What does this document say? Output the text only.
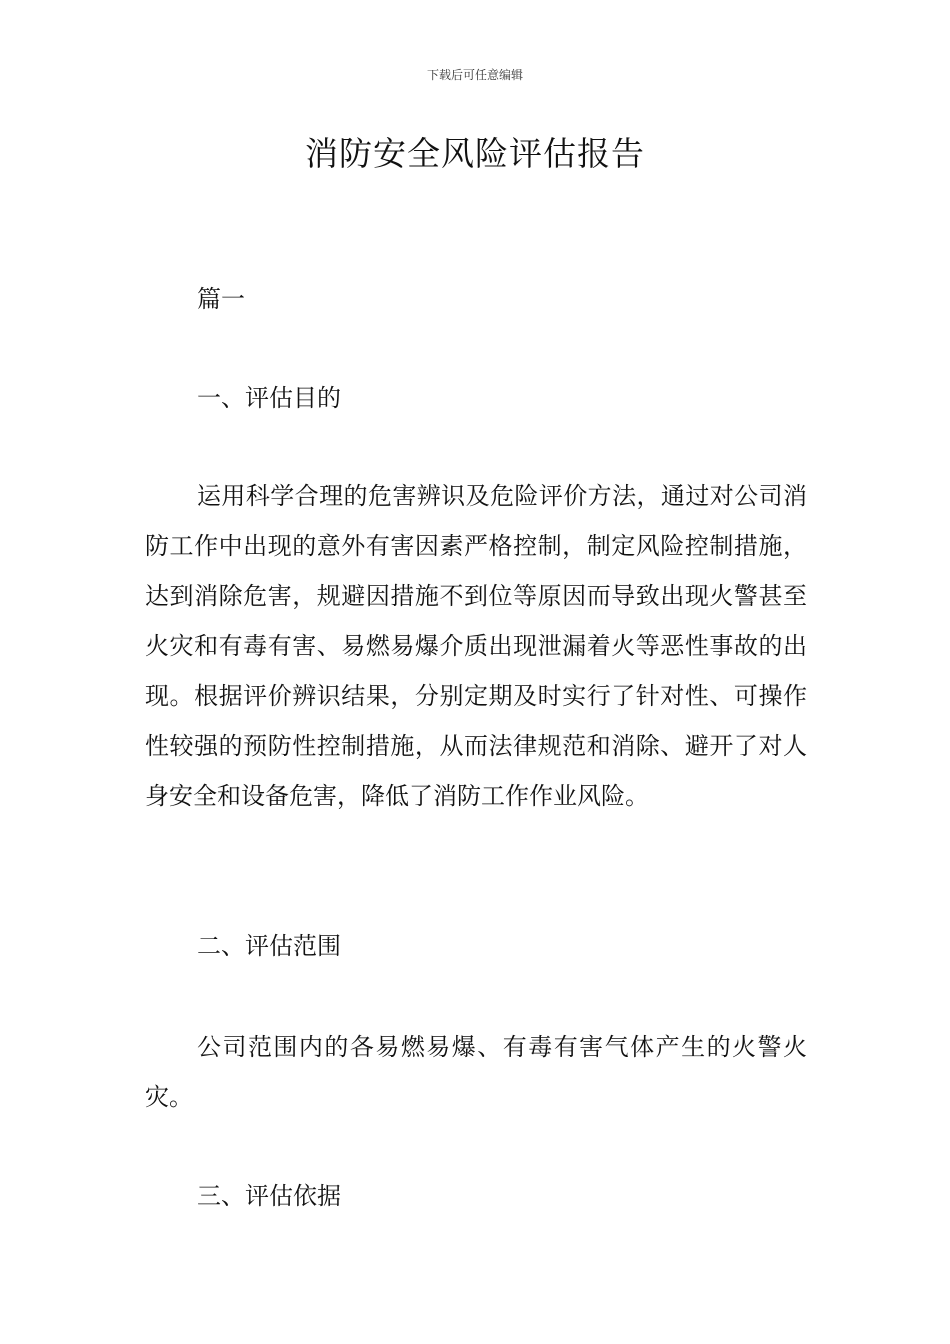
下载后可任意编辑
消防安全风险评估报告
篇一
一、评估目的

运用科学合理的危害辨识及危险评价方法，通过对公司消防工作中出现的意外有害因素严格控制，制定风险控制措施，达到消除危害，规避因措施不到位等原因而导致出现火警甚至火灾和有毒有害、易燃易爆介质出现泄漏着火等恶性事故的出现。根据评价辨识结果，分别定期及时实行了针对性、可操作性较强的预防性控制措施，从而法律规范和消除、避开了对人身安全和设备危害，降低了消防工作作业风险。

二、评估范围

公司范围内的各易燃易爆、有毒有害气体产生的火警火灾。

三、评估依据
